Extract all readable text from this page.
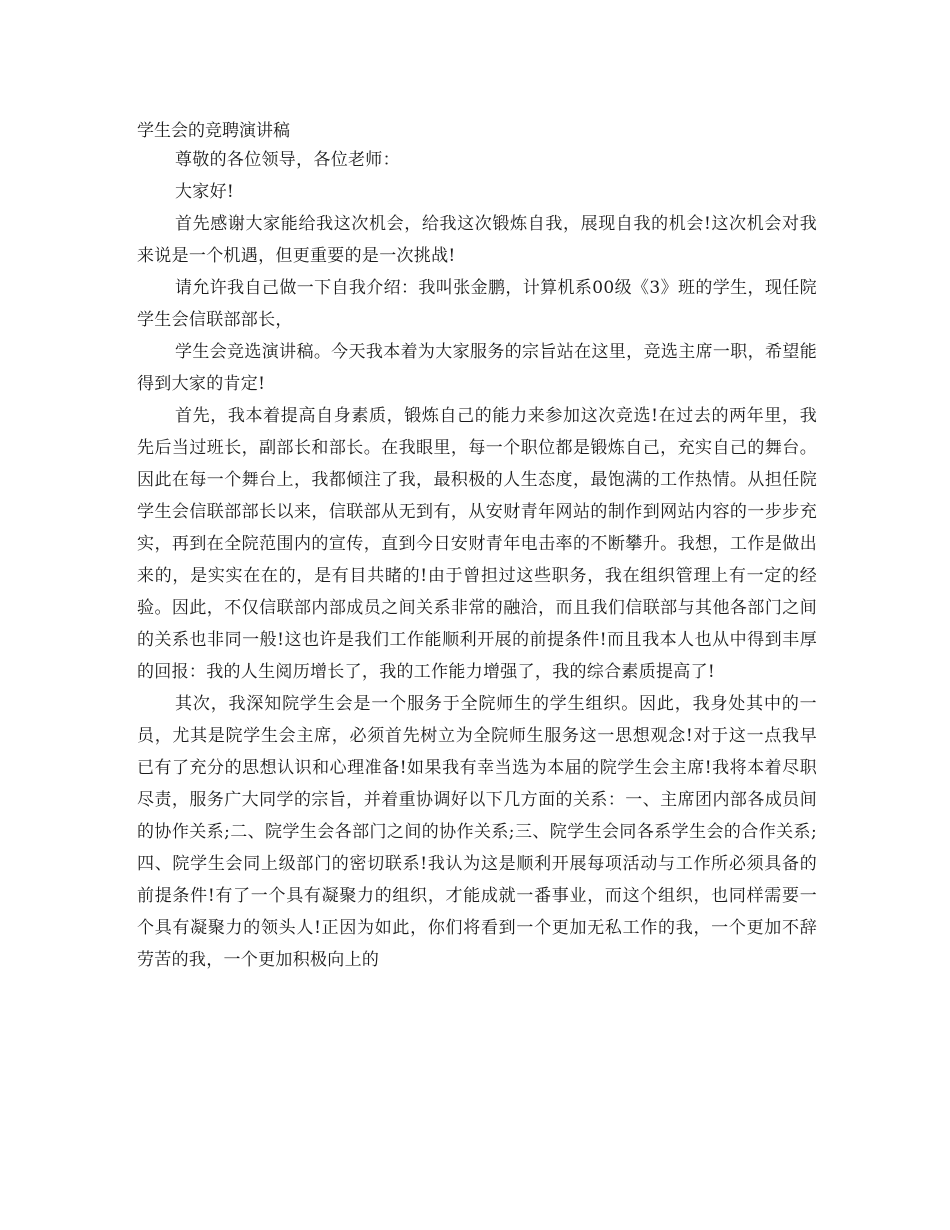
学生会的竞聘演讲稿

尊敬的各位领导，各位老师：

大家好!

首先感谢大家能给我这次机会，给我这次锻炼自我，展现自我的机会!这次机会对我来说是一个机遇，但更重要的是一次挑战!

请允许我自己做一下自我介绍：我叫张金鹏，计算机系00级《3》班的学生，现任院学生会信联部部长，

学生会竞选演讲稿。今天我本着为大家服务的宗旨站在这里，竞选主席一职，希望能得到大家的肯定!

首先，我本着提高自身素质，锻炼自己的能力来参加这次竞选!在过去的两年里，我先后当过班长，副部长和部长。在我眼里，每一个职位都是锻炼自己，充实自己的舞台。因此在每一个舞台上，我都倾注了我，最积极的人生态度，最饱满的工作热情。从担任院学生会信联部部长以来，信联部从无到有，从安财青年网站的制作到网站内容的一步步充实，再到在全院范围内的宣传，直到今日安财青年电击率的不断攀升。我想，工作是做出来的，是实实在在的，是有目共睹的!由于曾担过这些职务，我在组织管理上有一定的经验。因此，不仅信联部内部成员之间关系非常的融洽，而且我们信联部与其他各部门之间的关系也非同一般!这也许是我们工作能顺利开展的前提条件!而且我本人也从中得到丰厚的回报：我的人生阅历增长了，我的工作能力增强了，我的综合素质提高了!

其次，我深知院学生会是一个服务于全院师生的学生组织。因此，我身处其中的一员，尤其是院学生会主席，必须首先树立为全院师生服务这一思想观念!对于这一点我早已有了充分的思想认识和心理准备!如果我有幸当选为本届的院学生会主席!我将本着尽职尽责，服务广大同学的宗旨，并着重协调好以下几方面的关系：一、主席团内部各成员间的协作关系;二、院学生会各部门之间的协作关系;三、院学生会同各系学生会的合作关系;四、院学生会同上级部门的密切联系!我认为这是顺利开展每项活动与工作所必须具备的前提条件!有了一个具有凝聚力的组织，才能成就一番事业，而这个组织，也同样需要一个具有凝聚力的领头人!正因为如此，你们将看到一个更加无私工作的我，一个更加不辞劳苦的我，一个更加积极向上的
